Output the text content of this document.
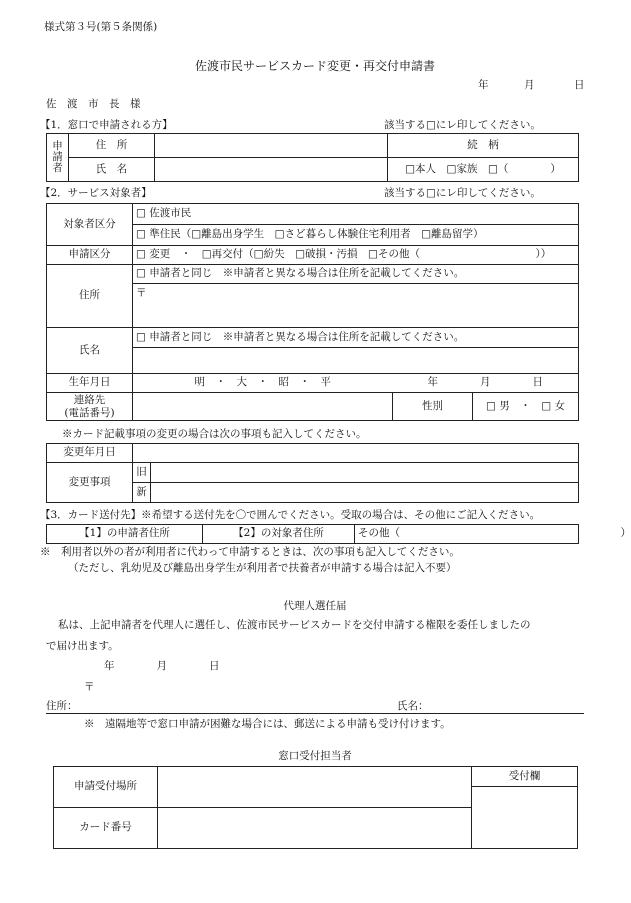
様式第３号(第５条関係)
佐渡市民サービスカード変更・再交付申請書
年	月	日
佐　渡　市　長　様
【1．窓口で申請される方】	該当する□にレ印してください。
申請者	住　所		続　柄
	氏　名		□本人　□家族　□（　　　　）
【2．サービス対象者】	該当する□にレ印してください。
対象者区分	□ 佐渡市民		
	□ 準住民（□離島出身学生　□さど暮らし体験住宅利用者　□離島留学）		
申請区分	□ 変更　・　□再交付（□紛失　□破損・汚損　□その他（　　　　　　　　　　　））		
住所	□ 申請者と同じ　※申請者と異なる場合は住所を記載してください。		
	〒		
氏名	□ 申請者と同じ　※申請者と異なる場合は住所を記載してください。		

生年月日	明　・　大　・　昭　・　平	年　　　　月　　　　日	

連絡先
(電話番号)		性別	□ 男　・　□ 女
※カード記載事項の変更の場合は次の事項も記入してください。
変更年月日		
変更事項	旧	
	新	
【3．カード送付先】※希望する送付先を〇で囲んでください。受取の場合は、その他にご記入ください。
【1】の申請者住所	【2】の対象者住所	その他（　　　　　　　　　　　　　　　　　　　　　）
※　利用者以外の者が利用者に代わって申請するときは、次の事項も記入してください。
（ただし、乳幼児及び離島出身学生が利用者で扶養者が申請する場合は記入不要）
代理人選任届
私は、上記申請者を代理人に選任し、佐渡市民サービスカードを交付申請する権限を委任しましたの
で届け出ます。
年　　　　月　　　　日
〒
住所：	氏名：
※　遠隔地等で窓口申請が困難な場合には、郵送による申請も受け付けます。
窓口受付担当者
申請受付場所		受付欄

カード番号		
